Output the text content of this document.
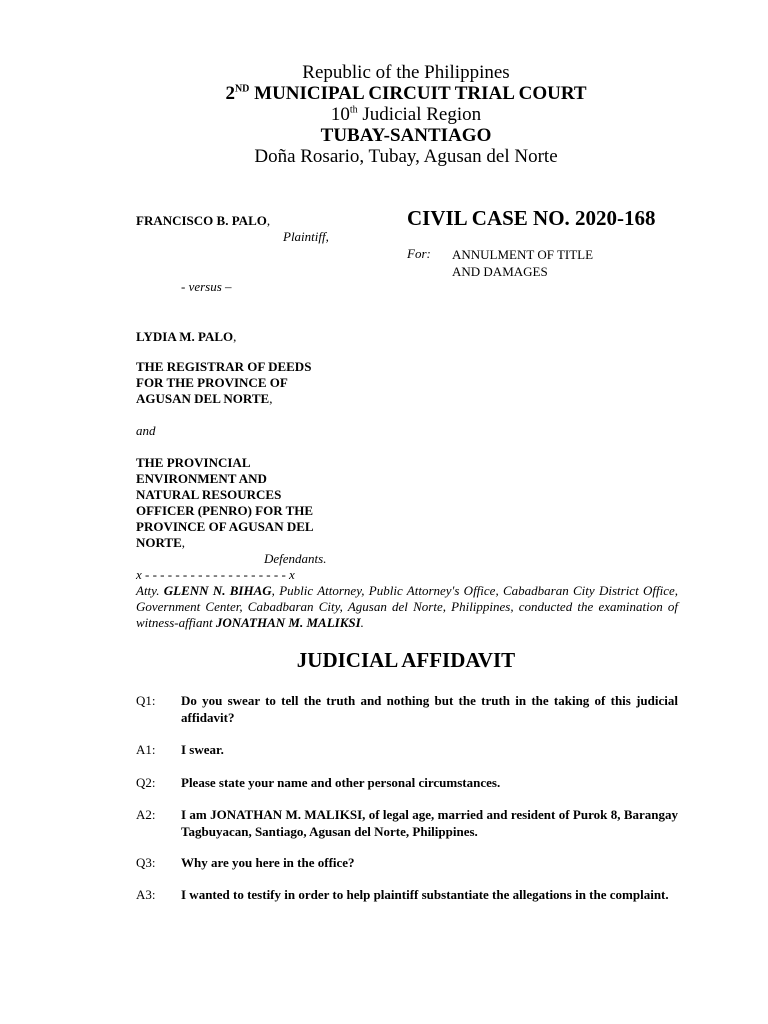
Republic of the Philippines
2ND MUNICIPAL CIRCUIT TRIAL COURT
10th Judicial Region
TUBAY-SANTIAGO
Doña Rosario, Tubay, Agusan del Norte
FRANCISCO B. PALO,
Plaintiff,
- versus –
LYDIA M. PALO,
THE REGISTRAR OF DEEDS
FOR THE PROVINCE OF
AGUSAN DEL NORTE,
and
THE PROVINCIAL
ENVIRONMENT AND
NATURAL RESOURCES
OFFICER (PENRO) FOR THE
PROVINCE OF AGUSAN DEL
NORTE,
Defendants.
x - - - - - - - - - - - - - - - - - - - x
CIVIL CASE NO. 2020-168
For: ANNULMENT OF TITLE
AND DAMAGES
Atty. GLENN N. BIHAG, Public Attorney, Public Attorney's Office, Cabadbaran City District Office, Government Center, Cabadbaran City, Agusan del Norte, Philippines, conducted the examination of witness-affiant JONATHAN M. MALIKSI.
JUDICIAL AFFIDAVIT
Q1: Do you swear to tell the truth and nothing but the truth in the taking of this judicial affidavit?
A1: I swear.
Q2: Please state your name and other personal circumstances.
A2: I am JONATHAN M. MALIKSI, of legal age, married and resident of Purok 8, Barangay Tagbuyacan, Santiago, Agusan del Norte, Philippines.
Q3: Why are you here in the office?
A3: I wanted to testify in order to help plaintiff substantiate the allegations in the complaint.
